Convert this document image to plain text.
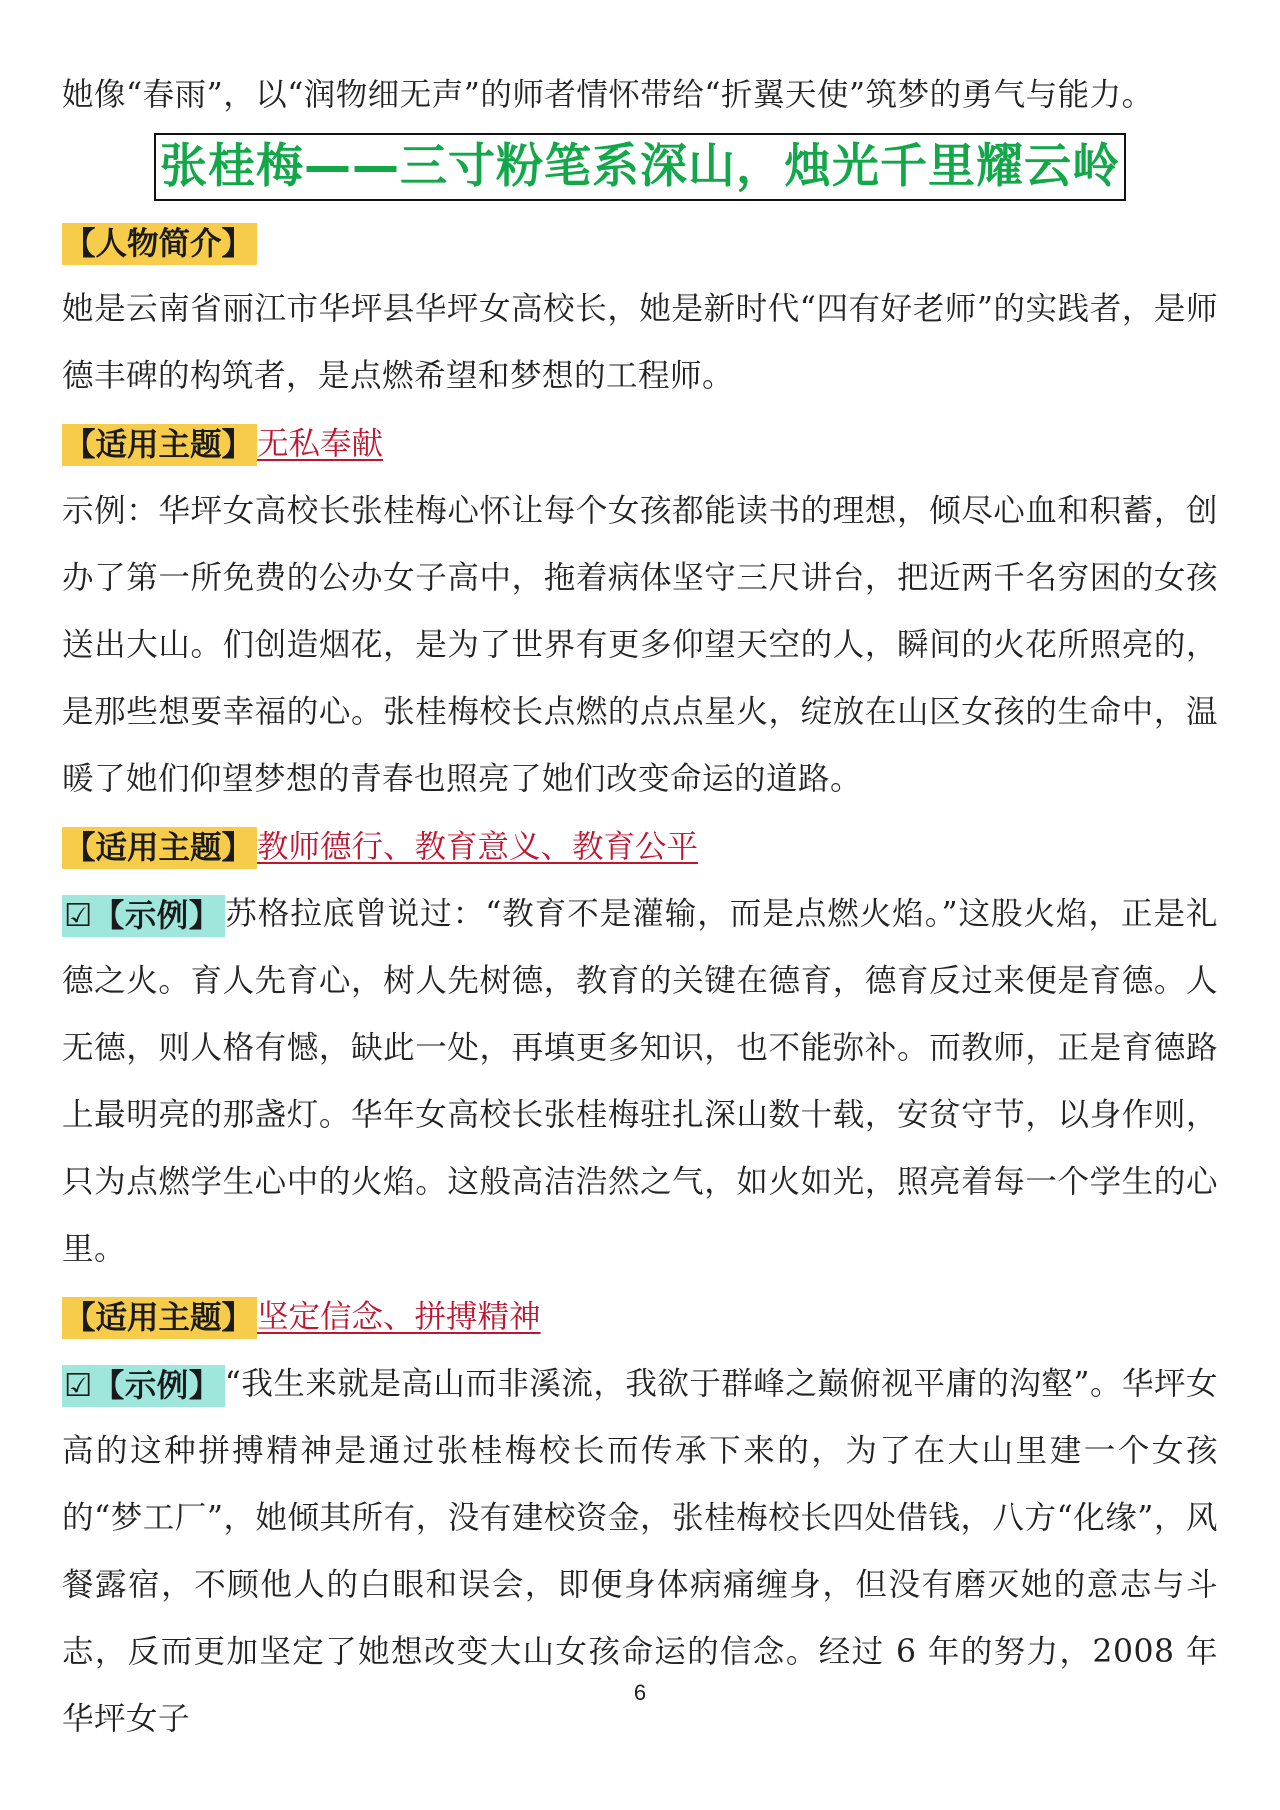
她像“春雨”，以“润物细无声”的师者情怀带给“折翼天使”筑梦的勇气与能力。

张桂梅——三寸粉笔系深山，烛光千里耀云岭

【人物简介】

她是云南省丽江市华坪县华坪女高校长，她是新时代“四有好老师”的实践者，是师德丰碑的构筑者，是点燃希望和梦想的工程师。

【适用主题】 无私奉献

示例：华坪女高校长张桂梅心怀让每个女孩都能读书的理想，倾尽心血和积蓄，创办了第一所免费的公办女子高中，拖着病体坚守三尺讲台，把近两千名穷困的女孩送出大山。们创造烟花，是为了世界有更多仰望天空的人，瞬间的火花所照亮的，是那些想要幸福的心。张桂梅校长点燃的点点星火，绽放在山区女孩的生命中，温暖了她们仰望梦想的青春也照亮了她们改变命运的道路。

【适用主题】 教师德行、教育意义、教育公平

☑【示例】 苏格拉底曾说过：“教育不是灌输，而是点燃火焰。”这股火焰，正是礼德之火。育人先育心，树人先树德，教育的关键在德育，德育反过来便是育德。人无德，则人格有憾，缺此一处，再填更多知识，也不能弥补。而教师，正是育德路上最明亮的那盏灯。华年女高校长张桂梅驻扎深山数十载，安贫守节，以身作则，只为点燃学生心中的火焰。这般高洁浩然之气，如火如光，照亮着每一个学生的心里。

【适用主题】 坚定信念、拼搏精神

☑【示例】 “我生来就是高山而非溪流，我欲于群峰之巅俯视平庸的沟壑”。华坪女高的这种拼搏精神是通过张桂梅校长而传承下来的，为了在大山里建一个女孩的“梦工厂”，她倾其所有，没有建校资金，张桂梅校长四处借钱，八方“化缘”，风餐露宿，不顾他人的白眼和误会，即便身体病痛缠身，但没有磨灭她的意志与斗志，反而更加坚定了她想改变大山女孩命运的信念。经过 6 年的努力，2008 年华坪女子

6
